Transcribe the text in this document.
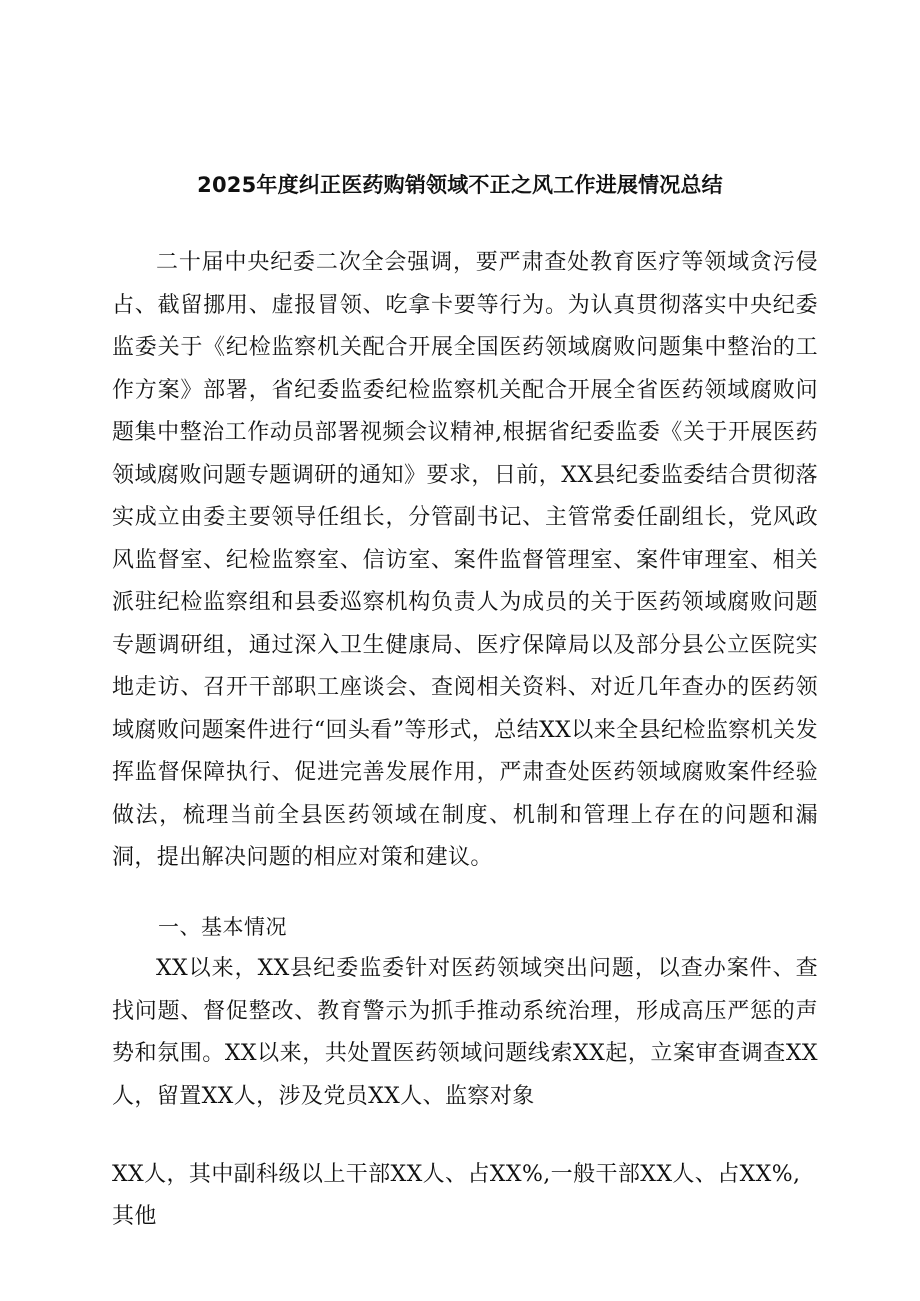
2025年度纠正医药购销领域不正之风工作进展情况总结

二十届中央纪委二次全会强调，要严肃查处教育医疗等领域贪污侵占、截留挪用、虚报冒领、吃拿卡要等行为。为认真贯彻落实中央纪委监委关于《纪检监察机关配合开展全国医药领域腐败问题集中整治的工作方案》部署，省纪委监委纪检监察机关配合开展全省医药领域腐败问题集中整治工作动员部署视频会议精神,根据省纪委监委《关于开展医药领域腐败问题专题调研的通知》要求，日前，XX县纪委监委结合贯彻落实成立由委主要领导任组长，分管副书记、主管常委任副组长，党风政风监督室、纪检监察室、信访室、案件监督管理室、案件审理室、相关派驻纪检监察组和县委巡察机构负责人为成员的关于医药领域腐败问题专题调研组，通过深入卫生健康局、医疗保障局以及部分县公立医院实地走访、召开干部职工座谈会、查阅相关资料、对近几年查办的医药领域腐败问题案件进行“回头看”等形式，总结XX以来全县纪检监察机关发挥监督保障执行、促进完善发展作用，严肃查处医药领域腐败案件经验做法，梳理当前全县医药领域在制度、机制和管理上存在的问题和漏洞，提出解决问题的相应对策和建议。

一、基本情况

XX以来，XX县纪委监委针对医药领域突出问题，以查办案件、查找问题、督促整改、教育警示为抓手推动系统治理，形成高压严惩的声势和氛围。XX以来，共处置医药领域问题线索XX起，立案审查调查XX人，留置XX人，涉及党员XX人、监察对象

XX人，其中副科级以上干部XX人、占XX%,一般干部XX人、占XX%,其他
